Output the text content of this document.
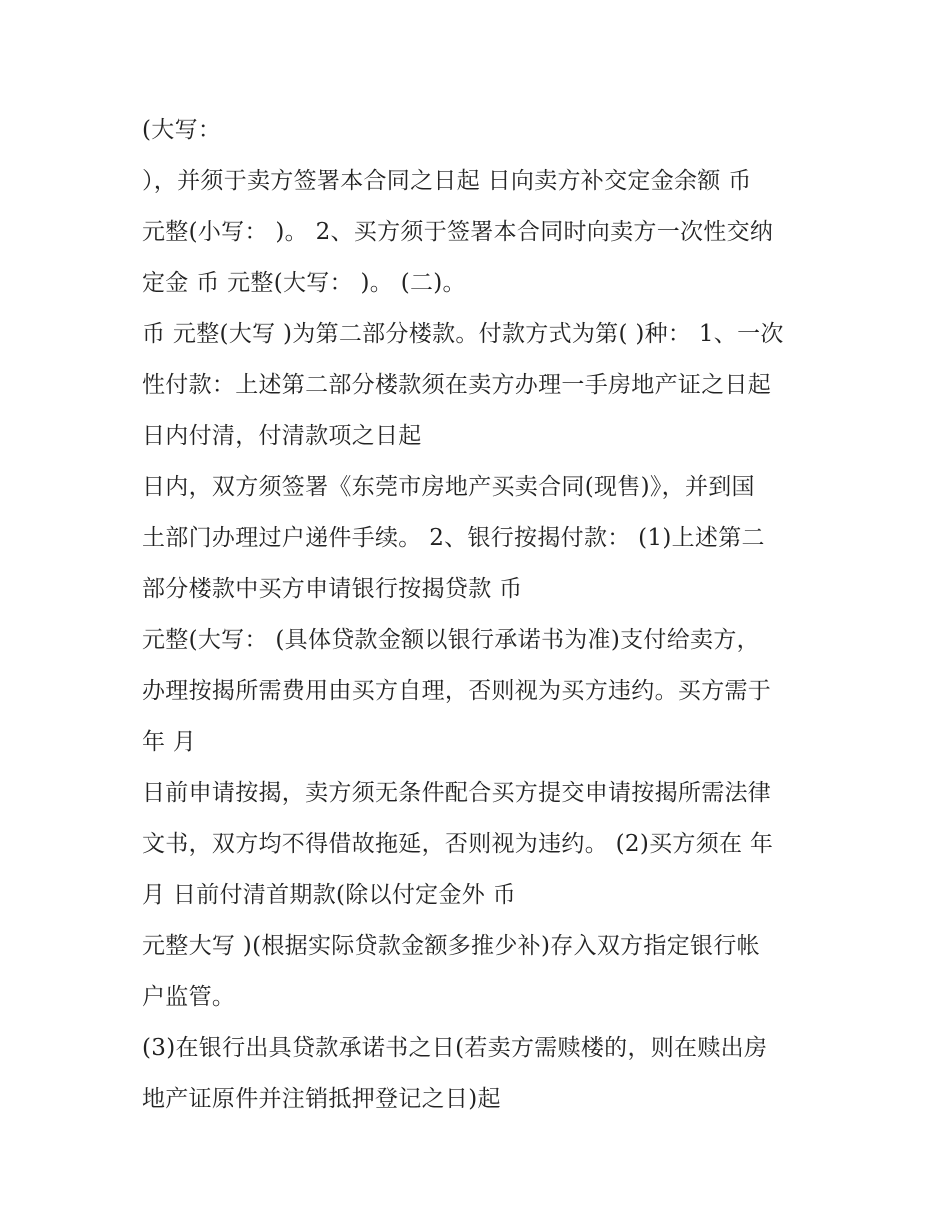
(大写：

），并须于卖方签署本合同之日起 日向卖方补交定金余额 币

元整(小写： )。 2、买方须于签署本合同时向卖方一次性交纳

定金 币 元整(大写： )。 (二)。

币 元整(大写 )为第二部分楼款。付款方式为第( )种： 1、一次

性付款：上述第二部分楼款须在卖方办理一手房地产证之日起

日内付清，付清款项之日起

日内，双方须签署《东莞市房地产买卖合同(现售)》，并到国

土部门办理过户递件手续。 2、银行按揭付款： (1)上述第二

部分楼款中买方申请银行按揭贷款 币

元整(大写： (具体贷款金额以银行承诺书为准)支付给卖方，

办理按揭所需费用由买方自理，否则视为买方违约。买方需于

年 月

日前申请按揭，卖方须无条件配合买方提交申请按揭所需法律

文书，双方均不得借故拖延，否则视为违约。 (2)买方须在 年

月 日前付清首期款(除以付定金外 币

元整大写 )(根据实际贷款金额多推少补)存入双方指定银行帐

户监管。

(3)在银行出具贷款承诺书之日(若卖方需赎楼的，则在赎出房

地产证原件并注销抵押登记之日)起
